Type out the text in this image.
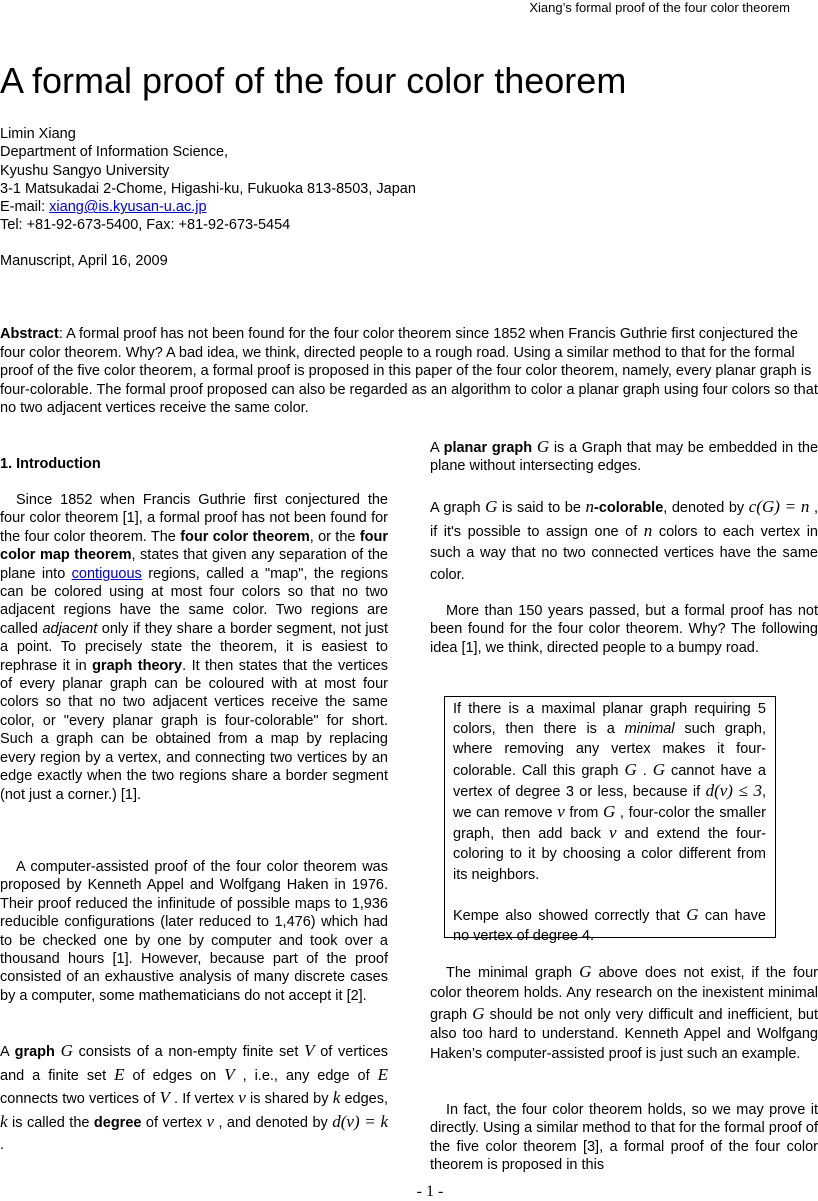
Xiang’s formal proof of the four color theorem
A formal proof of the four color theorem
Limin Xiang
Department of Information Science,
Kyushu Sangyo University
3-1 Matsukadai 2-Chome, Higashi-ku, Fukuoka 813-8503, Japan
E-mail: xiang@is.kyusan-u.ac.jp
Tel: +81-92-673-5400, Fax: +81-92-673-5454
Manuscript, April 16, 2009
Abstract: A formal proof has not been found for the four color theorem since 1852 when Francis Guthrie first conjectured the four color theorem. Why? A bad idea, we think, directed people to a rough road. Using a similar method to that for the formal proof of the five color theorem, a formal proof is proposed in this paper of the four color theorem, namely, every planar graph is four-colorable. The formal proof proposed can also be regarded as an algorithm to color a planar graph using four colors so that no two adjacent vertices receive the same color.
1. Introduction
Since 1852 when Francis Guthrie first conjectured the four color theorem [1], a formal proof has not been found for the four color theorem. The four color theorem, or the four color map theorem, states that given any separation of the plane into contiguous regions, called a "map", the regions can be colored using at most four colors so that no two adjacent regions have the same color. Two regions are called adjacent only if they share a border segment, not just a point. To precisely state the theorem, it is easiest to rephrase it in graph theory. It then states that the vertices of every planar graph can be coloured with at most four colors so that no two adjacent vertices receive the same color, or "every planar graph is four-colorable" for short. Such a graph can be obtained from a map by replacing every region by a vertex, and connecting two vertices by an edge exactly when the two regions share a border segment (not just a corner.) [1].
A computer-assisted proof of the four color theorem was proposed by Kenneth Appel and Wolfgang Haken in 1976. Their proof reduced the infinitude of possible maps to 1,936 reducible configurations (later reduced to 1,476) which had to be checked one by one by computer and took over a thousand hours [1]. However, because part of the proof consisted of an exhaustive analysis of many discrete cases by a computer, some mathematicians do not accept it [2].
A graph G consists of a non-empty finite set V of vertices and a finite set E of edges on V , i.e., any edge of E connects two vertices of V . If vertex v is shared by k edges, k is called the degree of vertex v , and denoted by d(v) = k .
A planar graph G is a Graph that may be embedded in the plane without intersecting edges.
A graph G is said to be n-colorable, denoted by c(G) = n , if it's possible to assign one of n colors to each vertex in such a way that no two connected vertices have the same color.
More than 150 years passed, but a formal proof has not been found for the four color theorem. Why? The following idea [1], we think, directed people to a bumpy road.
If there is a maximal planar graph requiring 5 colors, then there is a minimal such graph, where removing any vertex makes it four-colorable. Call this graph G . G cannot have a vertex of degree 3 or less, because if d(v) ≤ 3, we can remove v from G , four-color the smaller graph, then add back v and extend the four-coloring to it by choosing a color different from its neighbors.
Kempe also showed correctly that G can have no vertex of degree 4.
The minimal graph G above does not exist, if the four color theorem holds. Any research on the inexistent minimal graph G should be not only very difficult and inefficient, but also too hard to understand. Kenneth Appel and Wolfgang Haken’s computer-assisted proof is just such an example.
In fact, the four color theorem holds, so we may prove it directly. Using a similar method to that for the formal proof of the five color theorem [3], a formal proof of the four color theorem is proposed in this
- 1 -
